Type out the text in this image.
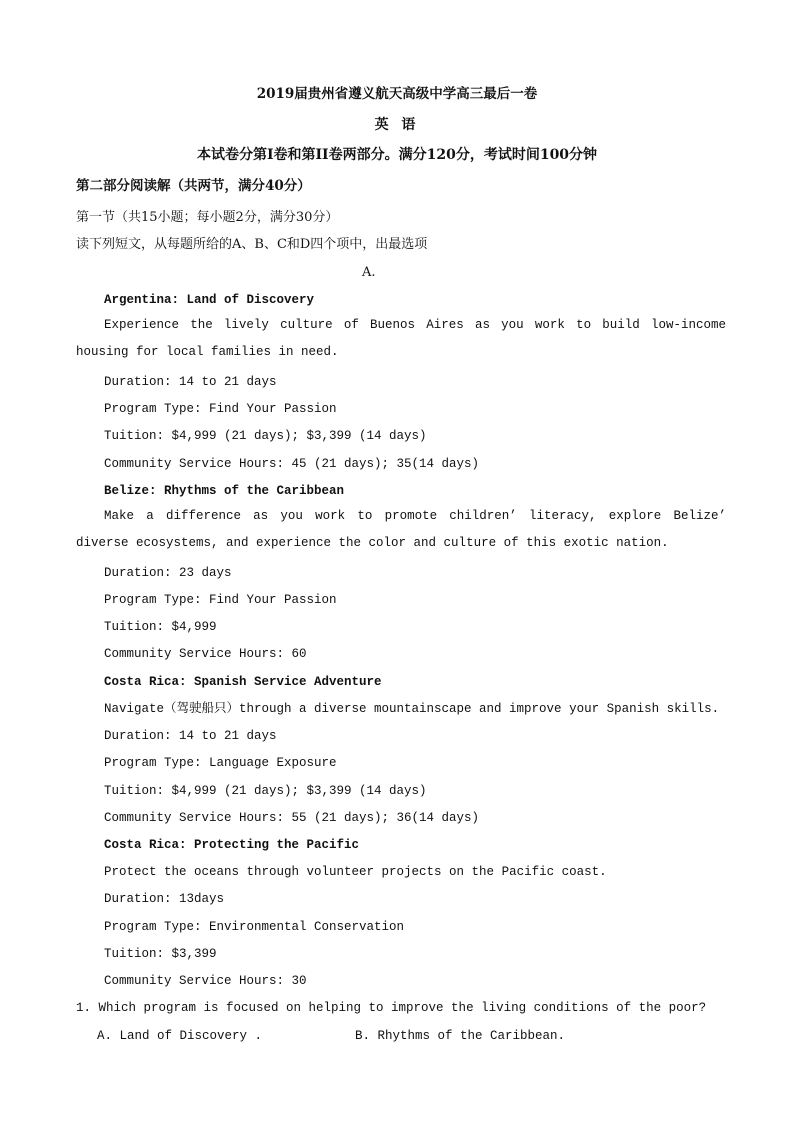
2019届贵州省遵义航天高级中学高三最后一卷
英 语
本试卷分第I卷和第II卷两部分。满分120分，考试时间100分钟
第二部分阅读解（共两节，满分40分）
第一节（共15小题；每小题2分，满分30分）
读下列短文，从每题所给的A、B、C和D四个项中，出最选项
A.
Argentina: Land of Discovery
Experience the lively culture of Buenos Aires as you work to build low-income housing for local families in need.
Duration: 14 to 21 days
Program Type: Find Your Passion
Tuition: $4,999 (21 days); $3,399 (14 days)
Community Service Hours: 45 (21 days); 35(14 days)
Belize: Rhythms of the Caribbean
Make a difference as you work to promote children’ literacy, explore Belize’ diverse ecosystems, and experience the color and culture of this exotic nation.
Duration: 23 days
Program Type: Find Your Passion
Tuition: $4,999
Community Service Hours: 60
Costa Rica: Spanish Service Adventure
Navigate（驾驶船只）through a diverse mountainscape and improve your Spanish skills.
Duration: 14 to 21 days
Program Type: Language Exposure
Tuition: $4,999 (21 days); $3,399 (14 days)
Community Service Hours: 55 (21 days); 36(14 days)
Costa Rica: Protecting the Pacific
Protect the oceans through volunteer projects on the Pacific coast.
Duration: 13days
Program Type: Environmental Conservation
Tuition: $3,399
Community Service Hours: 30
1. Which program is focused on helping to improve the living conditions of the poor?
A. Land of Discovery .	B. Rhythms of the Caribbean.
